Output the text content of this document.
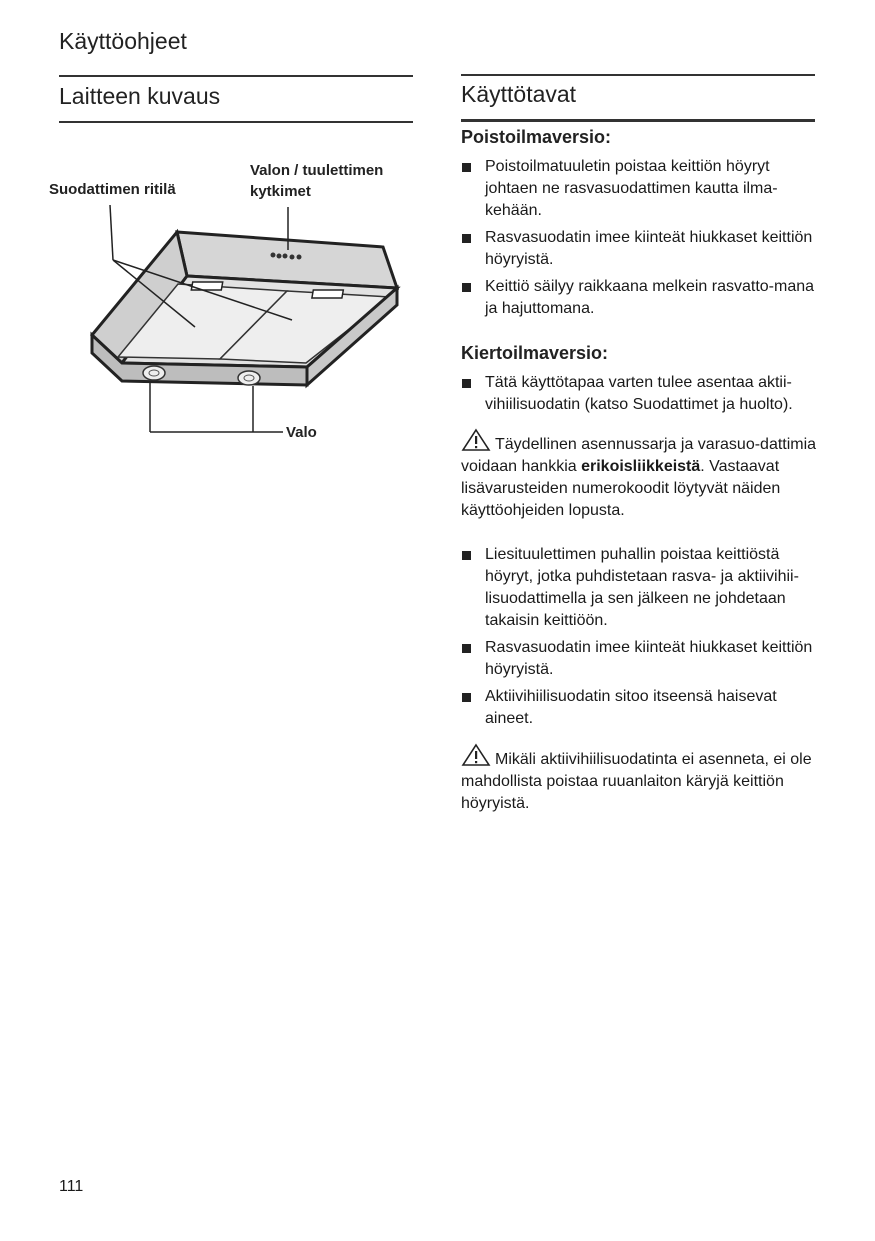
Käyttöohjeet
Laitteen kuvaus
Suodattimen ritilä
Valon / tuulettimen
kytkimet
Valo
Käyttötavat
Poistoilmaversio:
Poistoilmatuuletin poistaa keittiön höyryt johtaen ne rasvasuodattimen kautta ilma-kehään.
Rasvasuodatin imee kiinteät hiukkaset keittiön höyryistä.
Keittiö säilyy raikkaana melkein rasvatto-mana ja hajuttomana.
Kiertoilmaversio:
Tätä käyttötapaa varten tulee asentaa aktii-vihiilisuodatin (katso Suodattimet ja huolto).
Täydellinen asennussarja ja varasuo-dattimia voidaan hankkia erikoisliikkeistä. Vastaavat lisävarusteiden numerokoodit löytyvät näiden käyttöohjeiden lopusta.
Liesituulettimen puhallin poistaa keittiöstä höyryt, jotka puhdistetaan rasva- ja aktiivihii-lisuodattimella ja sen jälkeen ne johdetaan takaisin keittiöön.
Rasvasuodatin imee kiinteät hiukkaset keittiön höyryistä.
Aktiivihiilisuodatin sitoo itseensä haisevat aineet.
Mikäli aktiivihiilisuodatinta ei asenneta, ei ole mahdollista poistaa ruuanlaiton käryjä keittiön höyryistä.
111
